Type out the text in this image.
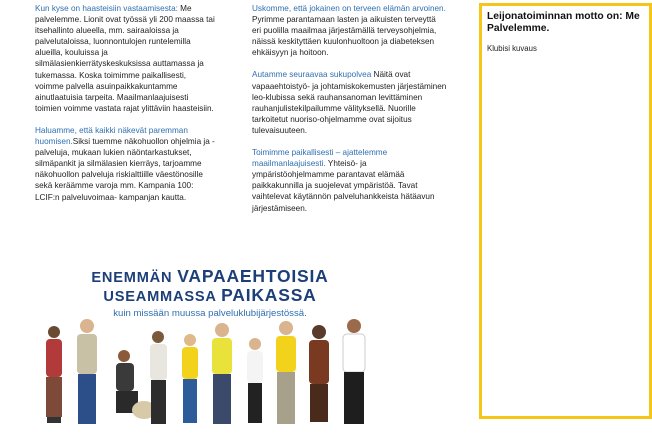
Kun kyse on haasteisiin vastaamisesta: Me palvelemme. Lionit ovat työssä yli 200 maassa tai itsehallinto alueella, mm. sairaaloissa ja palvelutaloissa, luonnontulojen runtelemilla alueilla, kouluissa ja silmälasienkierrätyskeskuksissa auttamassa ja tukemassa. Koska toimimme paikallisesti, voimme palvella asuinpaikkakuntamme ainutlaatuisia tarpeita. Maailmanlaajuisesti toimien voimme vastata rajat ylittäviin haasteisiin.

Haluamme, että kaikki näkevät paremman huomisen.Siksi tuemme näkohuollon ohjelmia ja -palveluja, mukaan lukien näöntarkastukset, silmäpankit ja silmälasien kierräys, tarjoamme näkohuollon palveluja riskialttiille väestönosille sekä keräämme varoja mm. Kampania 100: LCIF:n palveluvoimaa- kampanjan kautta.

Uskomme, että jokainen on terveen elämän arvoinen. Pyrimme parantamaan lasten ja aikuisten terveyttä eri puolilla maailmaa järjestämällä terveysohjelmia, näissä keskityttäen kuulonhuoltoon ja diabeteksen ehkäisyyn ja hoitoon.

Autamme seuraavaa sukupolvea Näitä ovat vapaaehtoistyö- ja johtamiskokemusten järjestäminen leo-klubissa sekä rauhansanoman levittäminen rauhanjulistekilpailumme välityksellä. Nuorille tarkoitetut nuoriso-ohjelmamme ovat sijoitus tulevaisuuteen.

Toimimme paikallisesti – ajattelemme maailmanlaajuisesti. Yhteisö- ja ympäristöohjelmamme parantavat elämää paikkakunnilla ja suojelevat ympäristöä. Tavat vaihtelevat käytännön palveluhankkeista hätäavun järjestämiseen.

Leijonatoiminnan motto on: Me Palvelemme.
Klubisi kuvaus
ENEMMÄN VAPAAEHTOISIA
USEAMMASSA PAIKASSA
kuin missään muussa palveluklubijärjestössä.
